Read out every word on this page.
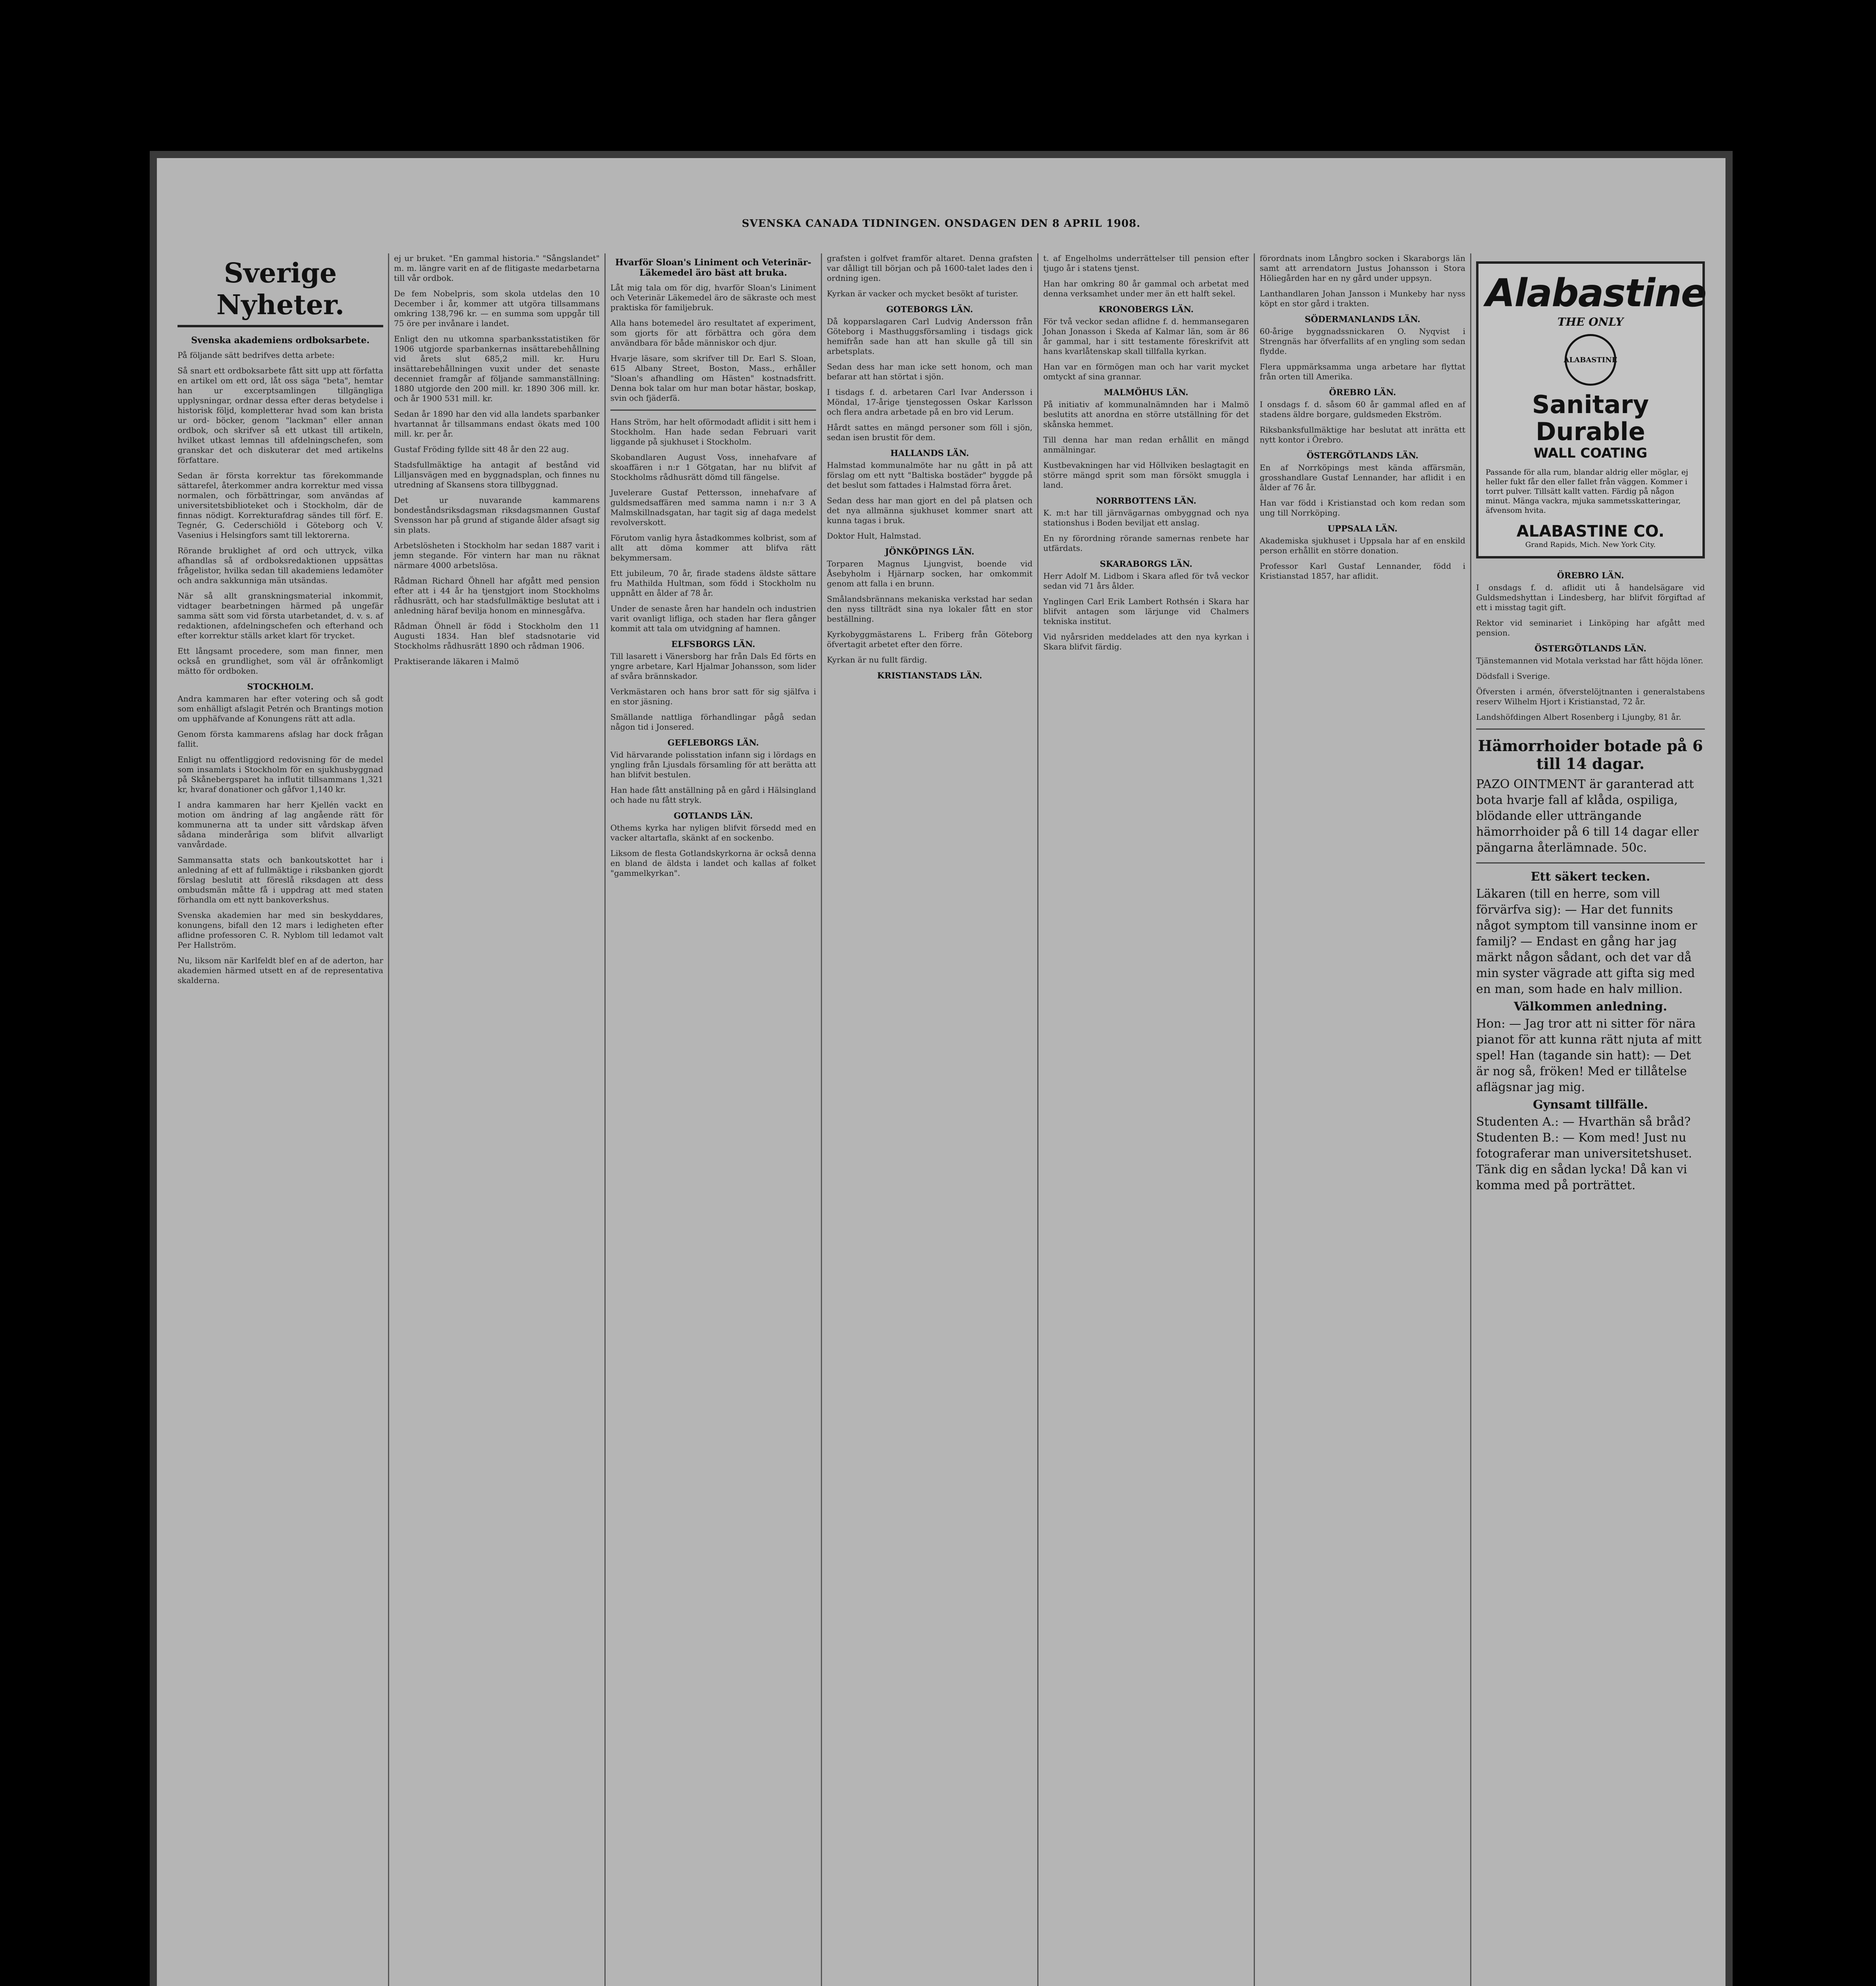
SVENSKA CANADA TIDNINGEN. ONSDAGEN DEN 8 APRIL 1908.
Sverige Nyheter.
Svenska akademiens ordboksarbete.

På följande sätt bedrifves detta arbete:

Så snart ett ordboksarbete fått sitt upp att författa en artikel om ett ord, låt oss säga "beta", hemtar han ur excerptsamlingen tillgängliga upplysningar, ordnar dessa efter deras betydelse i historisk följd, kompletterar hvad som kan brista ur ord- böcker, genom "lackman" eller annan ordbok, och skrifver så ett utkast till artikeln, hvilket utkast lemnas till afdelningschefen, som granskar det och diskuterar det med artikelns författare.

Sedan är första korrektur tas förekommande sättarefel, återkommer andra korrektur med vissa normalen, och förbättringar, som användas af universitetsbiblioteket och i Stockholm, där de finnas nödigt. Korrekturafdrag sändes till förf. E. Tegnér, G. Cederschiöld i Göteborg och V. Vasenius i Helsingfors samt till lektorerna.

Rörande bruklighet af ord och uttryck, vilka afhandlas så af ordboksredaktionen uppsättas frågelistor, hvilka sedan till akademiens ledamöter och andra sakkunniga män utsändas.

När så allt granskningsmaterial inkommit, vidtager bearbetningen härmed på ungefär samma sätt som vid första utarbetandet, d. v. s. af redaktionen, afdelningschefen och efterhand och efter korrektur ställs arket klart för trycket.

Ett långsamt procedere, som man finner, men också en grundlighet, som väl är ofrånkomligt mätto för ordboken.

STOCKHOLM.

Andra kammaren har efter votering och så godt som enhälligt afslagit Petrén och Brantings motion om upphäfvande af Konungens rätt att adla.

Genom första kammarens afslag har dock frågan fallit.

Enligt nu offentliggjord redovisning för de medel som insamlats i Stockholm för en sjukhusbyggnad på Skånebergsparet ha influtit tillsammans 1,321 kr, hvaraf donationer och gåfvor 1,140 kr.

I andra kammaren har herr Kjellén vackt en motion om ändring af lag angående rätt för kommunerna att ta under sitt vårdskap äfven sådana minderåriga som blifvit allvarligt vanvårdade.

Sammansatta stats och bankoutskottet har i anledning af ett af fullmäktige i riksbanken gjordt förslag beslutit att föreslå riksdagen att dess ombudsmän måtte få i uppdrag att med staten förhandla om ett nytt bankoverkshus.

Svenska akademien har med sin beskyddares, konungens, bifall den 12 mars i ledigheten efter aflidne professoren C. R. Nyblom till ledamot valt Per Hallström.

Nu, liksom när Karlfeldt blef en af de aderton, har akademien härmed utsett en af de representativa skalderna.

ej ur bruket. "En gammal historia." "Sångslandet" m. m. längre varit en af de flitigaste medarbetarna till vår ordbok.

De fem Nobelpris, som skola utdelas den 10 December i år, kommer att utgöra tillsammans omkring 138,796 kr. — en summa som uppgår till 75 öre per invånare i landet.

Enligt den nu utkomna sparbanksstatistiken för 1906 utgjorde sparbankernas insättarebehållning vid årets slut 685,2 mill. kr. Huru insättarebehållningen vuxit under det senaste decenniet framgår af följande sammanställning: 1880 utgjorde den 200 mill. kr. 1890 306 mill. kr. och år 1900 531 mill. kr.

Sedan år 1890 har den vid alla landets sparbanker hvartannat år tillsammans endast ökats med 100 mill. kr. per år.

Gustaf Fröding fyllde sitt 48 år den 22 aug.

Stadsfullmäktige ha antagit af bestånd vid Lilljansvägen med en byggnadsplan, och finnes nu utredning af Skansens stora tillbyggnad.

Det ur nuvarande kammarens bondeståndsriksdagsman riksdagsmannen Gustaf Svensson har på grund af stigande ålder afsagt sig sin plats.

Arbetslösheten i Stockholm har sedan 1887 varit i jemn stegande. För vintern har man nu räknat närmare 4000 arbetslösa.

Rådman Richard Öhnell har afgått med pension efter att i 44 år ha tjenstgjort inom Stockholms rådhusrätt, och har stadsfullmäktige beslutat att i anledning häraf bevilja honom en minnesgåfva.

Rådman Öhnell är född i Stockholm den 11 Augusti 1834. Han blef stadsnotarie vid Stockholms rådhusrätt 1890 och rådman 1906.

Praktiserande läkaren i Malmö

Hvarför Sloan's Liniment och Veterinär-Läkemedel äro bäst att bruka.

Låt mig tala om för dig, hvarför Sloan's Liniment och Veterinär Läkemedel äro de säkraste och mest praktiska för familjebruk.

Alla hans botemedel äro resultatet af experiment, som gjorts för att förbättra och göra dem användbara för både människor och djur.

Hvarje läsare, som skrifver till Dr. Earl S. Sloan, 615 Albany Street, Boston, Mass., erhåller "Sloan's afhandling om Hästen" kostnadsfritt. Denna bok talar om hur man botar hästar, boskap, svin och fjäderfä.

Hans Ström, har helt oförmodadt aflidit i sitt hem i Stockholm. Han hade sedan Februari varit liggande på sjukhuset i Stockholm.

Skobandlaren August Voss, innehafvare af skoaffären i n:r 1 Götgatan, har nu blifvit af Stockholms rådhusrätt dömd till fängelse.

Juvelerare Gustaf Pettersson, innehafvare af guldsmedsaffären med samma namn i n:r 3 A Malmskillnadsgatan, har tagit sig af daga medelst revolverskott.

Förutom vanlig hyra åstadkommes kolbrist, som af allt att döma kommer att blifva rätt bekymmersam.

Ett jubileum, 70 år, firade stadens äldste sättare fru Mathilda Hultman, som född i Stockholm nu uppnått en ålder af 78 år.

Under de senaste åren har handeln och industrien varit ovanligt lifliga, och staden har flera gånger kommit att tala om utvidgning af hamnen.

ELFSBORGS LÄN.

Till lasarett i Vänersborg har från Dals Ed förts en yngre arbetare, Karl Hjalmar Johansson, som lider af svåra brännskador.

Verkmästaren och hans bror satt för sig själfva i en stor jäsning.

Smällande nattliga förhandlingar pågå sedan någon tid i Jonsered.

GEFLEBORGS LÄN.

Vid härvarande polisstation infann sig i lördags en yngling från Ljusdals församling för att berätta att han blifvit bestulen.

Han hade fått anställning på en gård i Hälsingland och hade nu fått stryk.

GOTLANDS LÄN.

Othems kyrka har nyligen blifvit försedd med en vacker altartafla, skänkt af en sockenbo.

Liksom de flesta Gotlandskyrkorna är också denna en bland de äldsta i landet och kallas af folket "gammelkyrkan".

grafsten i golfvet framför altaret. Denna grafsten var dålligt till början och på 1600-talet lades den i ordning igen.

Kyrkan är vacker och mycket besökt af turister.

GOTEBORGS LÄN.

Då kopparslagaren Carl Ludvig Andersson från Göteborg i Masthuggsförsamling i tisdags gick hemifrån sade han att han skulle gå till sin arbetsplats.

Sedan dess har man icke sett honom, och man befarar att han störtat i sjön.

I tisdags f. d. arbetaren Carl Ivar Andersson i Möndal, 17-årige tjenstegossen Oskar Karlsson och flera andra arbetade på en bro vid Lerum.

Hårdt sattes en mängd personer som föll i sjön, sedan isen brustit för dem.

HALLANDS LÄN.

Halmstad kommunalmöte har nu gått in på att förslag om ett nytt "Baltiska bostäder" byggde på det beslut som fattades i Halmstad förra året.

Sedan dess har man gjort en del på platsen och det nya allmänna sjukhuset kommer snart att kunna tagas i bruk.

Doktor Hult, Halmstad.

JÖNKÖPINGS LÄN.

Torparen Magnus Ljungvist, boende vid Åsebyholm i Hjärnarp socken, har omkommit genom att falla i en brunn.

Smålandsbrännans mekaniska verkstad har sedan den nyss tillträdt sina nya lokaler fått en stor beställning.

Kyrkobyggmästarens L. Friberg från Göteborg öfvertagit arbetet efter den förre.

Kyrkan är nu fullt färdig.

KRISTIANSTADS LÄN.

t. af Engelholms underrättelser till pension efter tjugo år i statens tjenst.

Han har omkring 80 år gammal och arbetat med denna verksamhet under mer än ett halft sekel.

KRONOBERGS LÄN.

För två veckor sedan aflidne f. d. hemmansegaren Johan Jonasson i Skeda af Kalmar län, som är 86 år gammal, har i sitt testamente föreskrifvit att hans kvarlåtenskap skall tillfalla kyrkan.

Han var en förmögen man och har varit mycket omtyckt af sina grannar.

MALMÖHUS LÄN.

På initiativ af kommunalnämnden har i Malmö beslutits att anordna en större utställning för det skånska hemmet.

Till denna har man redan erhållit en mängd anmälningar.

Kustbevakningen har vid Höllviken beslagtagit en större mängd sprit som man försökt smuggla i land.

NORRBOTTENS LÄN.

K. m:t har till järnvägarnas ombyggnad och nya stationshus i Boden beviljat ett anslag.

En ny förordning rörande samernas renbete har utfärdats.

SKARABORGS LÄN.

Herr Adolf M. Lidbom i Skara afled för två veckor sedan vid 71 års ålder.

Ynglingen Carl Erik Lambert Rothsén i Skara har blifvit antagen som lärjunge vid Chalmers tekniska institut.

Vid nyårsriden meddelades att den nya kyrkan i Skara blifvit färdig.

förordnats inom Långbro socken i Skaraborgs län samt att arrendatorn Justus Johansson i Stora Höliegården har en ny gård under uppsyn.

Lanthandlaren Johan Jansson i Munkeby har nyss köpt en stor gård i trakten.

SÖDERMANLANDS LÄN.

60-årige byggnadssnickaren O. Nyqvist i Strengnäs har öfverfallits af en yngling som sedan flydde.

Flera uppmärksamma unga arbetare har flyttat från orten till Amerika.

ÖREBRO LÄN.

I onsdags f. d. såsom 60 år gammal afled en af stadens äldre borgare, guldsmeden Ekström.

Riksbanksfullmäktige har beslutat att inrätta ett nytt kontor i Örebro.

ÖSTERGÖTLANDS LÄN.

En af Norrköpings mest kända affärsmän, grosshandlare Gustaf Lennander, har aflidit i en ålder af 76 år.

Han var född i Kristianstad och kom redan som ung till Norrköping.

UPPSALA LÄN.

Akademiska sjukhuset i Uppsala har af en enskild person erhållit en större donation.

Professor Karl Gustaf Lennander, född i Kristianstad 1857, har aflidit.

Alabastine
THE ONLY
ALABASTINE
Sanitary Durable
WALL COATING
Passande för alla rum, blandar aldrig eller möglar, ej heller fukt får den eller fallet från väggen. Kommer i torrt pulver. Tillsätt kallt vatten. Färdig på någon minut. Mänga vackra, mjuka sammetsskatteringar, äfvensom hvita.
ALABASTINE CO.
Grand Rapids, Mich. New York City.
ÖREBRO LÄN.

I onsdags f. d. aflidit uti å handelsägare vid Guldsmedshyttan i Lindesberg, har blifvit förgiftad af ett i misstag tagit gift.

Rektor vid seminariet i Linköping har afgått med pension.

ÖSTERGÖTLANDS LÄN.

Tjänstemannen vid Motala verkstad har fått höjda löner.

Dödsfall i Sverige.

Öfversten i armén, öfverstelöjtnanten i generalstabens reserv Wilhelm Hjort i Kristianstad, 72 år.

Landshöfdingen Albert Rosenberg i Ljungby, 81 år.

Hämorrhoider botade på 6 till 14 dagar.
PAZO OINTMENT är garanterad att bota hvarje fall af klåda, ospiliga, blödande eller utträngande hämorrhoider på 6 till 14 dagar eller pängarna återlämnade. 50c.
Ett säkert tecken.
Läkaren (till en herre, som vill förvärfva sig): — Har det funnits något symptom till vansinne inom er familj? — Endast en gång har jag märkt någon sådant, och det var då min syster vägrade att gifta sig med en man, som hade en halv million.
Välkommen anledning.
Hon: — Jag tror att ni sitter för nära pianot för att kunna rätt njuta af mitt spel! Han (tagande sin hatt): — Det är nog så, fröken! Med er tillåtelse aflägsnar jag mig.
Gynsamt tillfälle.
Studenten A.: — Hvarthän så bråd? Studenten B.: — Kom med! Just nu fotograferar man universitetshuset. Tänk dig en sådan lycka! Då kan vi komma med på porträttet.
